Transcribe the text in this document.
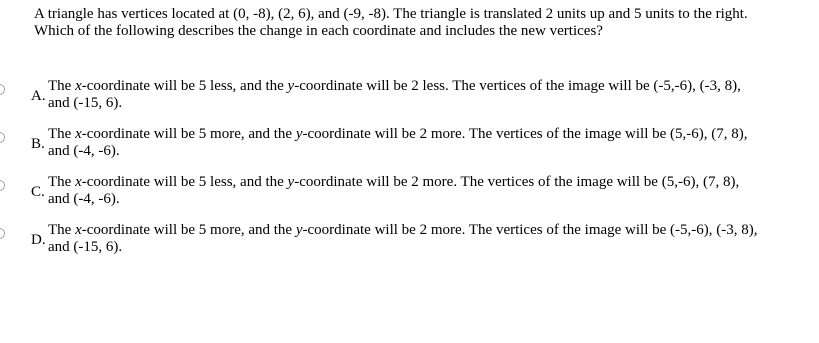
A triangle has vertices located at (0, -8), (2, 6), and (-9, -8). The triangle is translated 2 units up and 5 units to the right.
Which of the following describes the change in each coordinate and includes the new vertices?
A.
The x-coordinate will be 5 less, and the y-coordinate will be 2 less. The vertices of the image will be (-5,-6), (-3, 8),
and (-15, 6).
B.
The x-coordinate will be 5 more, and the y-coordinate will be 2 more. The vertices of the image will be (5,-6), (7, 8),
and (-4, -6).
C.
The x-coordinate will be 5 less, and the y-coordinate will be 2 more. The vertices of the image will be (5,-6), (7, 8),
and (-4, -6).
D.
The x-coordinate will be 5 more, and the y-coordinate will be 2 more. The vertices of the image will be (-5,-6), (-3, 8),
and (-15, 6).
